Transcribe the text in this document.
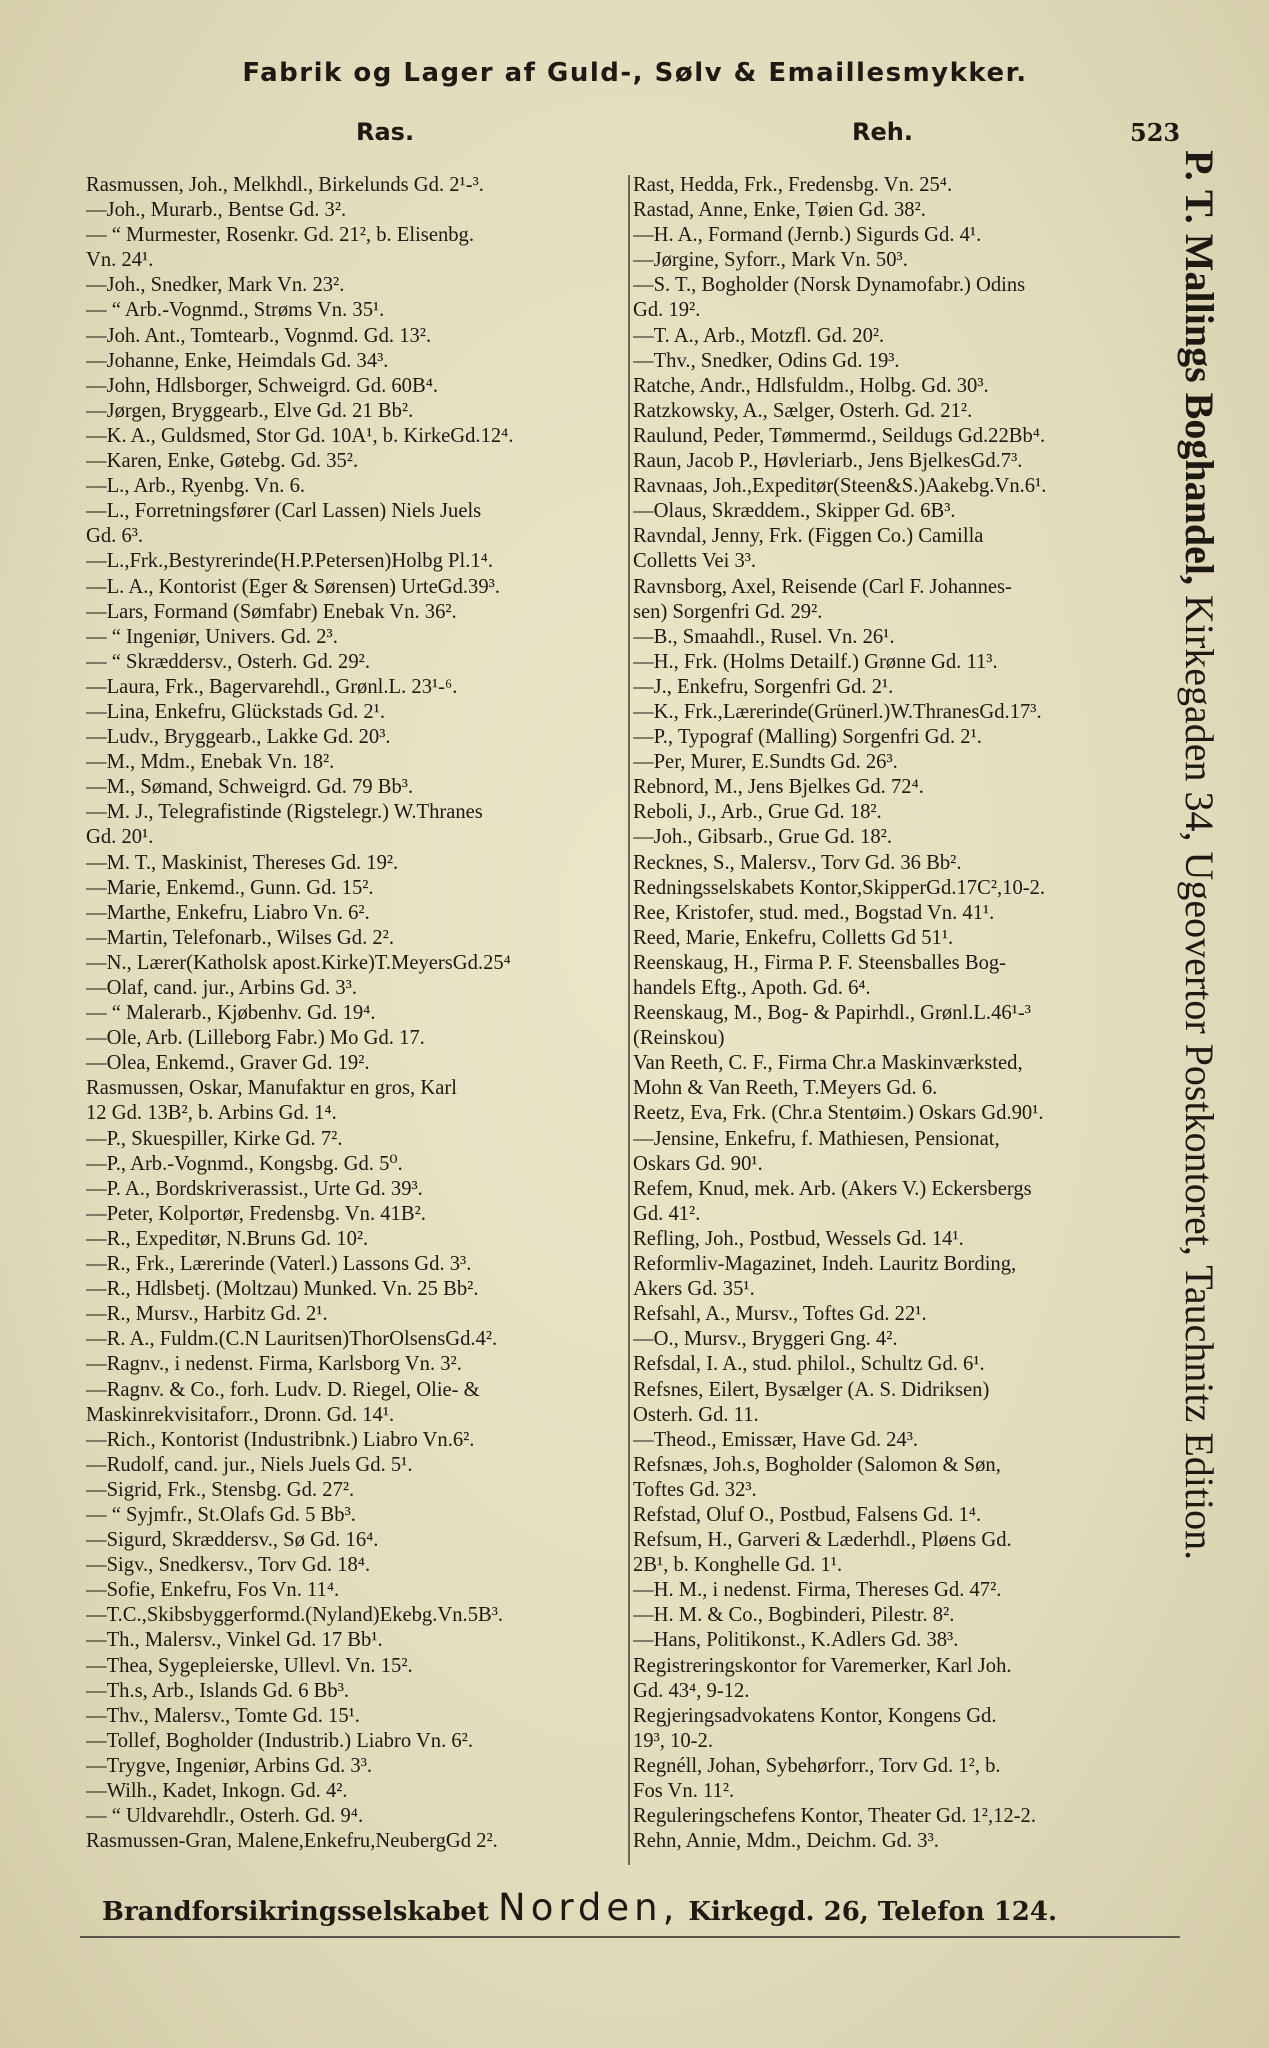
Fabrik og Lager af Guld-, Sølv & Emaillesmykker.
Ras.	Reh.	523
Rasmussen, Joh., Melkhdl., Birkelunds Gd. 2¹-³.
—Joh., Murarb., Bentse Gd. 3².
— “ Murmester, Rosenkr. Gd. 21², b. Elisenbg.
Vn. 24¹.
—Joh., Snedker, Mark Vn. 23².
— “ Arb.-Vognmd., Strøms Vn. 35¹.
—Joh. Ant., Tomtearb., Vognmd. Gd. 13².
—Johanne, Enke, Heimdals Gd. 34³.
—John, Hdlsborger, Schweigrd. Gd. 60B⁴.
—Jørgen, Bryggearb., Elve Gd. 21 Bb².
—K. A., Guldsmed, Stor Gd. 10A¹, b. KirkeGd.12⁴.
—Karen, Enke, Gøtebg. Gd. 35².
—L., Arb., Ryenbg. Vn. 6.
—L., Forretningsfører (Carl Lassen) Niels Juels
Gd. 6³.
—L.,Frk.,Bestyrerinde(H.P.Petersen)Holbg Pl.1⁴.
—L. A., Kontorist (Eger & Sørensen) UrteGd.39³.
—Lars, Formand (Sømfabr) Enebak Vn. 36².
— “ Ingeniør, Univers. Gd. 2³.
— “ Skræddersv., Osterh. Gd. 29².
—Laura, Frk., Bagervarehdl., Grønl.L. 23¹-⁶.
—Lina, Enkefru, Glückstads Gd. 2¹.
—Ludv., Bryggearb., Lakke Gd. 20³.
—M., Mdm., Enebak Vn. 18².
—M., Sømand, Schweigrd. Gd. 79 Bb³.
—M. J., Telegrafistinde (Rigstelegr.) W.Thranes
Gd. 20¹.
—M. T., Maskinist, Thereses Gd. 19².
—Marie, Enkemd., Gunn. Gd. 15².
—Marthe, Enkefru, Liabro Vn. 6².
—Martin, Telefonarb., Wilses Gd. 2².
—N., Lærer(Katholsk apost.Kirke)T.MeyersGd.25⁴
—Olaf, cand. jur., Arbins Gd. 3³.
— “ Malerarb., Kjøbenhv. Gd. 19⁴.
—Ole, Arb. (Lilleborg Fabr.) Mo Gd. 17.
—Olea, Enkemd., Graver Gd. 19².
Rasmussen, Oskar, Manufaktur en gros, Karl
12 Gd. 13B², b. Arbins Gd. 1⁴.
—P., Skuespiller, Kirke Gd. 7².
—P., Arb.-Vognmd., Kongsbg. Gd. 5⁰.
—P. A., Bordskriverassist., Urte Gd. 39³.
—Peter, Kolportør, Fredensbg. Vn. 41B².
—R., Expeditør, N.Bruns Gd. 10².
—R., Frk., Lærerinde (Vaterl.) Lassons Gd. 3³.
—R., Hdlsbetj. (Moltzau) Munked. Vn. 25 Bb².
—R., Mursv., Harbitz Gd. 2¹.
—R. A., Fuldm.(C.N Lauritsen)ThorOlsensGd.4².
—Ragnv., i nedenst. Firma, Karlsborg Vn. 3².
—Ragnv. & Co., forh. Ludv. D. Riegel, Olie- &
Maskinrekvisitaforr., Dronn. Gd. 14¹.
—Rich., Kontorist (Industribnk.) Liabro Vn.6².
—Rudolf, cand. jur., Niels Juels Gd. 5¹.
—Sigrid, Frk., Stensbg. Gd. 27².
— “ Syjmfr., St.Olafs Gd. 5 Bb³.
—Sigurd, Skræddersv., Sø Gd. 16⁴.
—Sigv., Snedkersv., Torv Gd. 18⁴.
—Sofie, Enkefru, Fos Vn. 11⁴.
—T.C.,Skibsbyggerformd.(Nyland)Ekebg.Vn.5B³.
—Th., Malersv., Vinkel Gd. 17 Bb¹.
—Thea, Sygepleierske, Ullevl. Vn. 15².
—Th.s, Arb., Islands Gd. 6 Bb³.
—Thv., Malersv., Tomte Gd. 15¹.
—Tollef, Bogholder (Industrib.) Liabro Vn. 6².
—Trygve, Ingeniør, Arbins Gd. 3³.
—Wilh., Kadet, Inkogn. Gd. 4².
— “ Uldvarehdlr., Osterh. Gd. 9⁴.
Rasmussen-Gran, Malene,Enkefru,NeubergGd 2².
Rast, Hedda, Frk., Fredensbg. Vn. 25⁴.
Rastad, Anne, Enke, Tøien Gd. 38².
—H. A., Formand (Jernb.) Sigurds Gd. 4¹.
—Jørgine, Syforr., Mark Vn. 50³.
—S. T., Bogholder (Norsk Dynamofabr.) Odins
Gd. 19².
—T. A., Arb., Motzfl. Gd. 20².
—Thv., Snedker, Odins Gd. 19³.
Ratche, Andr., Hdlsfuldm., Holbg. Gd. 30³.
Ratzkowsky, A., Sælger, Osterh. Gd. 21².
Raulund, Peder, Tømmermd., Seildugs Gd.22Bb⁴.
Raun, Jacob P., Høvleriarb., Jens BjelkesGd.7³.
Ravnaas, Joh.,Expeditør(Steen&S.)Aakebg.Vn.6¹.
—Olaus, Skræddem., Skipper Gd. 6B³.
Ravndal, Jenny, Frk. (Figgen Co.) Camilla
Colletts Vei 3³.
Ravnsborg, Axel, Reisende (Carl F. Johannes-
sen) Sorgenfri Gd. 29².
—B., Smaahdl., Rusel. Vn. 26¹.
—H., Frk. (Holms Detailf.) Grønne Gd. 11³.
—J., Enkefru, Sorgenfri Gd. 2¹.
—K., Frk.,Lærerinde(Grünerl.)W.ThranesGd.17³.
—P., Typograf (Malling) Sorgenfri Gd. 2¹.
—Per, Murer, E.Sundts Gd. 26³.
Rebnord, M., Jens Bjelkes Gd. 72⁴.
Reboli, J., Arb., Grue Gd. 18².
—Joh., Gibsarb., Grue Gd. 18².
Recknes, S., Malersv., Torv Gd. 36 Bb².
Redningsselskabets Kontor,SkipperGd.17C²,10-2.
Ree, Kristofer, stud. med., Bogstad Vn. 41¹.
Reed, Marie, Enkefru, Colletts Gd 51¹.
Reenskaug, H., Firma P. F. Steensballes Bog-
handels Eftg., Apoth. Gd. 6⁴.
Reenskaug, M., Bog- & Papirhdl., Grønl.L.46¹-³
(Reinskou)
Van Reeth, C. F., Firma Chr.a Maskinværksted,
Mohn & Van Reeth, T.Meyers Gd. 6.
Reetz, Eva, Frk. (Chr.a Stentøim.) Oskars Gd.90¹.
—Jensine, Enkefru, f. Mathiesen, Pensionat,
Oskars Gd. 90¹.
Refem, Knud, mek. Arb. (Akers V.) Eckersbergs
Gd. 41².
Refling, Joh., Postbud, Wessels Gd. 14¹.
Reformliv-Magazinet, Indeh. Lauritz Bording,
Akers Gd. 35¹.
Refsahl, A., Mursv., Toftes Gd. 22¹.
—O., Mursv., Bryggeri Gng. 4².
Refsdal, I. A., stud. philol., Schultz Gd. 6¹.
Refsnes, Eilert, Bysælger (A. S. Didriksen)
Osterh. Gd. 11.
—Theod., Emissær, Have Gd. 24³.
Refsnæs, Joh.s, Bogholder (Salomon & Søn,
Toftes Gd. 32³.
Refstad, Oluf O., Postbud, Falsens Gd. 1⁴.
Refsum, H., Garveri & Læderhdl., Pløens Gd.
2B¹, b. Konghelle Gd. 1¹.
—H. M., i nedenst. Firma, Thereses Gd. 47².
—H. M. & Co., Bogbinderi, Pilestr. 8².
—Hans, Politikonst., K.Adlers Gd. 38³.
Registreringskontor for Varemerker, Karl Joh.
Gd. 43⁴, 9-12.
Regjeringsadvokatens Kontor, Kongens Gd.
19³, 10-2.
Regnéll, Johan, Sybehørforr., Torv Gd. 1², b.
Fos Vn. 11².
Reguleringschefens Kontor, Theater Gd. 1²,12-2.
Rehn, Annie, Mdm., Deichm. Gd. 3³.
P. T. Mallings Boghandel, Kirkegaden 34, Ugeovertor Postkontoret, Tauchnitz Edition.
Brandforsikringsselskabet Norden, Kirkegd. 26, Telefon 124.
